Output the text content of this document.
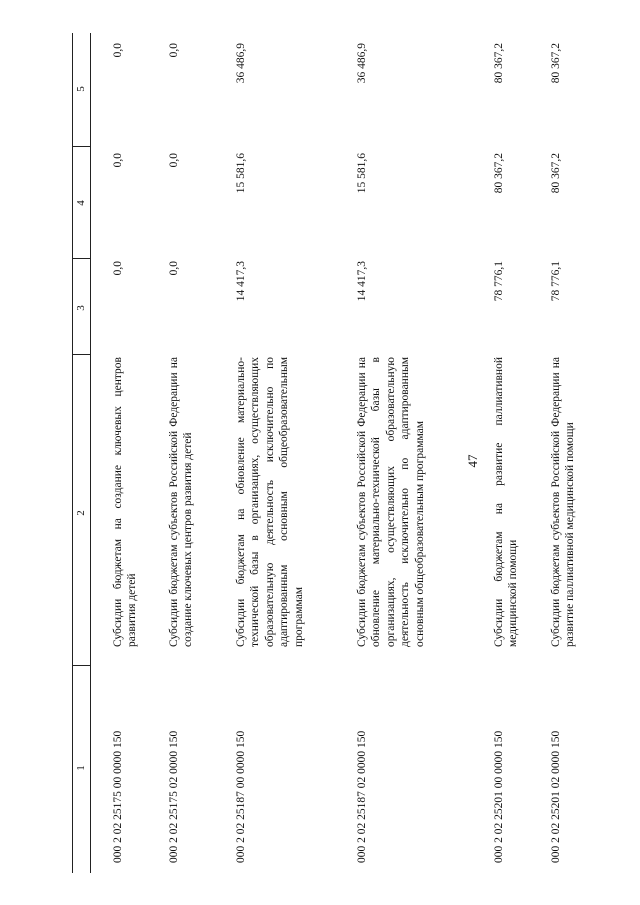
47
1
2
3
4
5
000 2 02 25175 00 0000 150
Субсидии бюджетам на создание ключевых центров развития детей
0,0
0,0
0,0
000 2 02 25175 02 0000 150
Субсидии бюджетам субъектов Российской Федерации на создание ключевых центров развития детей
0,0
0,0
0,0
000 2 02 25187 00 0000 150
Субсидии бюджетам на обновление материально-технической базы в организациях, осуществляющих образовательную деятельность исключительно по адаптированным основным общеобразовательным программам
14 417,3
15 581,6
36 486,9
000 2 02 25187 02 0000 150
Субсидии бюджетам субъектов Российской Федерации на обновление материально-технической базы в организациях, осуществляющих образовательную деятельность исключительно по адаптированным основным общеобразовательным программам
14 417,3
15 581,6
36 486,9
000 2 02 25201 00 0000 150
Субсидии бюджетам на развитие паллиативной медицинской помощи
78 776,1
80 367,2
80 367,2
000 2 02 25201 02 0000 150
Субсидии бюджетам субъектов Российской Федерации на развитие паллиативной медицинской помощи
78 776,1
80 367,2
80 367,2
